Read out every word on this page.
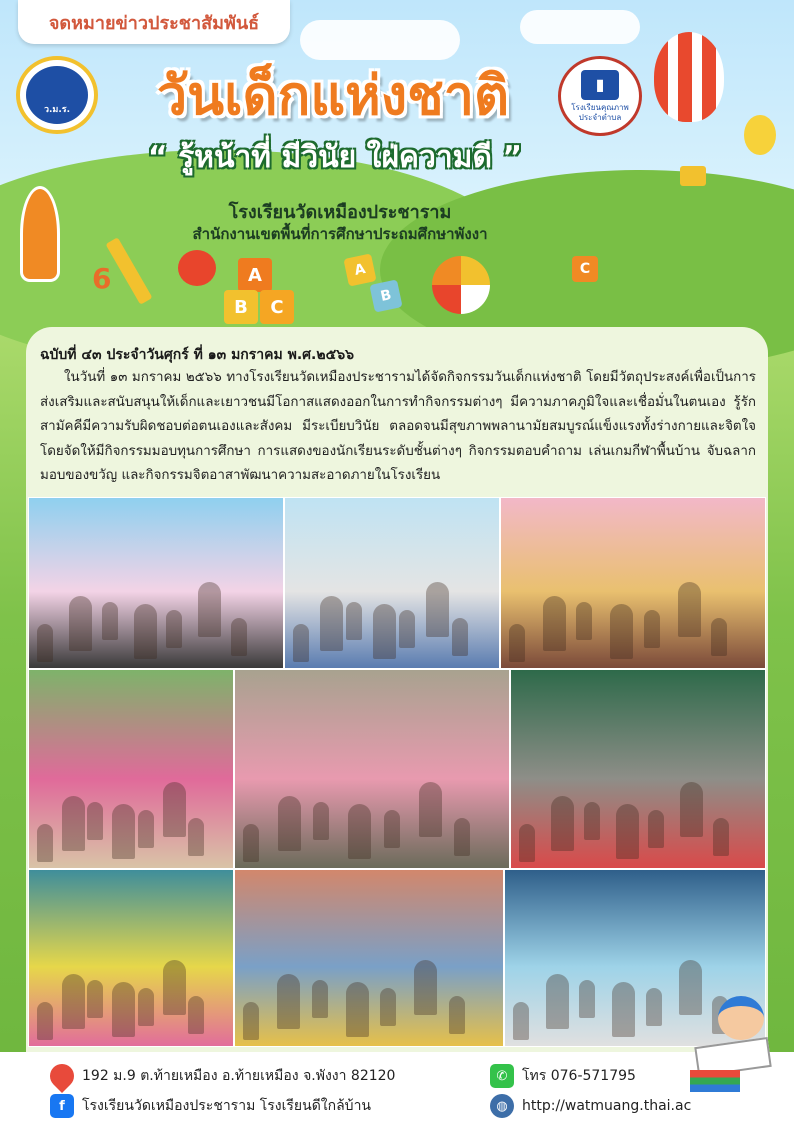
6	A
B	C
C
A
B
จดหมายข่าวประชาสัมพันธ์
ว.ม.ร.	วันเด็กแห่งชาติ
“ รู้หน้าที่ มีวินัย ใฝ่ความดี ”
▮
โรงเรียนคุณภาพ ประจำตำบล
โรงเรียนวัดเหมืองประชาราม
สำนักงานเขตพื้นที่การศึกษาประถมศึกษาพังงา
ฉบับที่ ๔๓ ประจำวันศุกร์ ที่ ๑๓ มกราคม พ.ศ.๒๕๖๖
ในวันที่ ๑๓ มกราคม ๒๕๖๖ ทางโรงเรียนวัดเหมืองประชารามได้จัดกิจกรรมวันเด็กแห่งชาติ โดยมีวัตถุประสงค์เพื่อเป็นการส่งเสริมและสนับสนุนให้เด็กและเยาวชนมีโอกาสแสดงออกในการทำกิจกรรมต่างๆ มีความภาคภูมิใจและเชื่อมั่นในตนเอง รู้รักสามัคคีมีความรับผิดชอบต่อตนเองและสังคม มีระเบียบวินัย ตลอดจนมีสุขภาพพลานามัยสมบูรณ์แข็งแรงทั้งร่างกายและจิตใจ โดยจัดให้มีกิจกรรมมอบทุนการศึกษา การแสดงของนักเรียนระดับชั้นต่างๆ กิจกรรมตอบคำถาม เล่นเกมกีฬาพื้นบ้าน จับฉลากมอบของขวัญ และกิจกรรมจิตอาสาพัฒนาความสะอาดภายในโรงเรียน
192 ม.9 ต.ท้ายเหมือง อ.ท้ายเหมือง จ.พังงา 82120	✆	โทร 076-571795
f	โรงเรียนวัดเหมืองประชาราม โรงเรียนดีใกล้บ้าน	◍	http://watmuang.thai.ac
